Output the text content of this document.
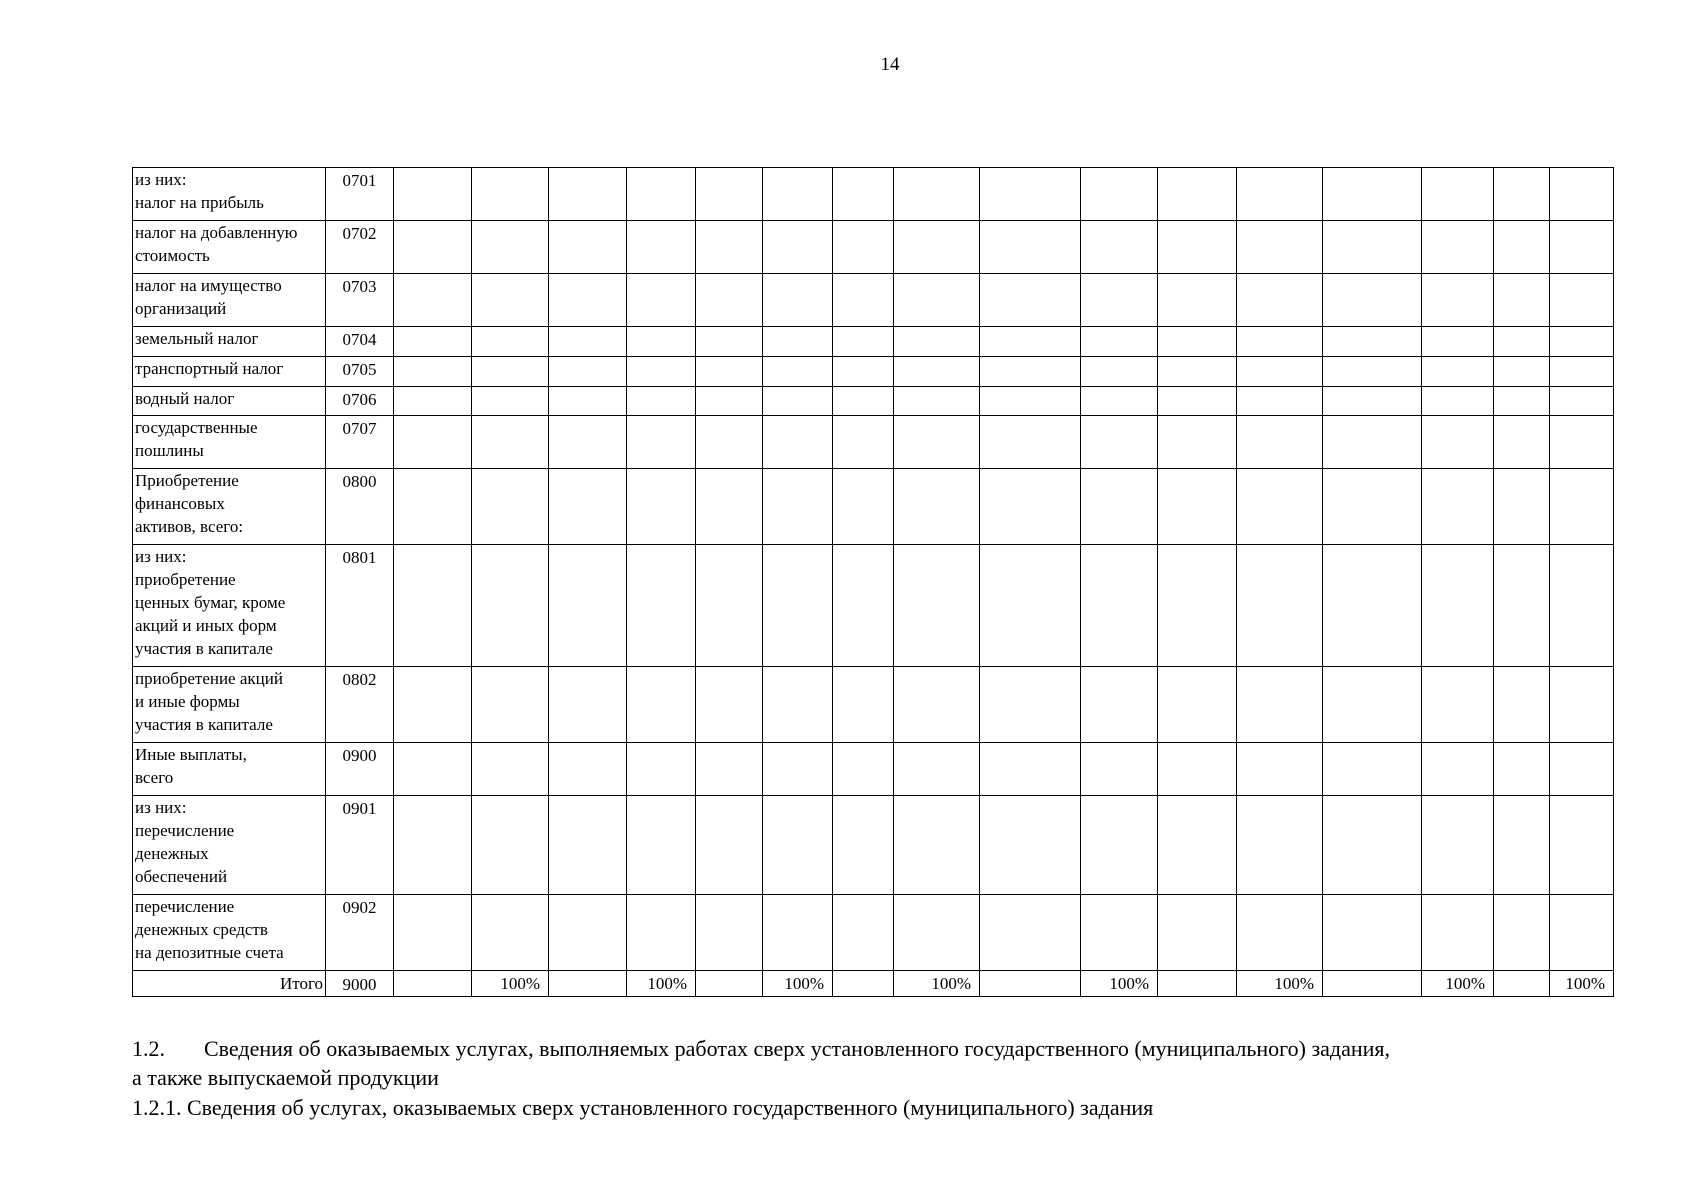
14
из них:
налог на прибыль	0701																

налог на добавленную
стоимость	0702																

налог на имущество
организаций	0703																

земельный налог	0704																

транспортный налог	0705																

водный налог	0706																

государственные
пошлины	0707																

Приобретение
финансовых
активов, всего:	0800																

из них:
приобретение
ценных бумаг, кроме
акций и иных форм
участия в капитале	0801																

приобретение акций
и иные формы
участия в капитале	0802																

Иные выплаты,
всего	0900																

из них:
перечисление
денежных
обеспечений	0901																

перечисление
денежных средств
на депозитные счета	0902																
Итого	9000		100%		100%		100%		100%		100%		100%		100%		100%
1.2. Сведения об оказываемых услугах, выполняемых работах сверх установленного государственного (муниципального) задания,
а также выпускаемой продукции
1.2.1. Сведения об услугах, оказываемых сверх установленного государственного (муниципального) задания
